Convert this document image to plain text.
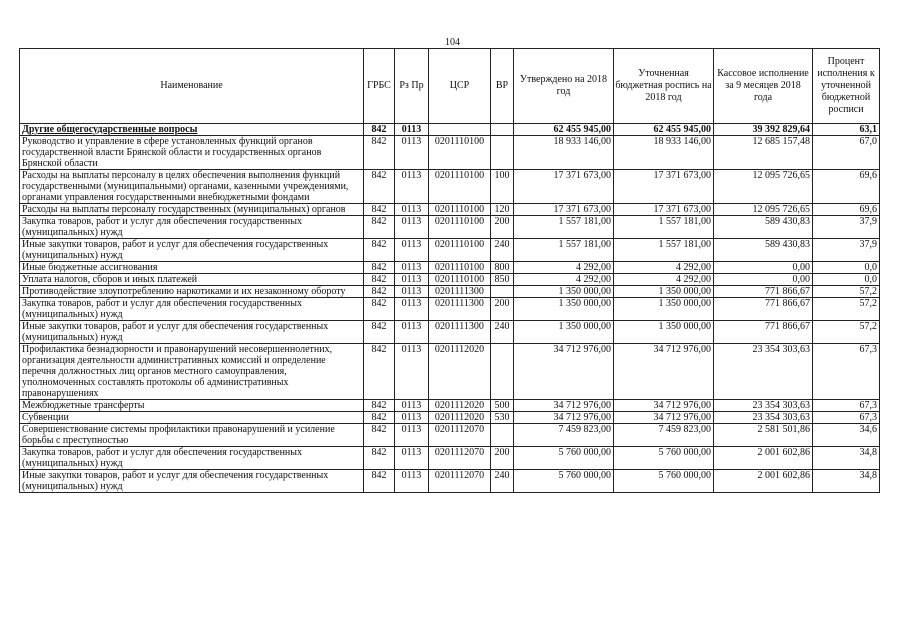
104
Наименование	ГРБС	Рз Пр	ЦСР	ВР	Утверждено на 2018 год	Уточненная бюджетная роспись на 2018 год	Кассовое исполнение за 9 месяцев 2018 года	Процент исполнения к уточненной бюджетной росписи
Другие общегосударственные вопросы	842	0113			62 455 945,00	62 455 945,00	39 392 829,64	63,1
Руководство и управление в сфере установленных функций органов государственной власти Брянской области и государственных органов Брянской области	842	0113	0201110100		18 933 146,00	18 933 146,00	12 685 157,48	67,0
Расходы на выплаты персоналу в целях обеспечения выполнения функций государственными (муниципальными) органами, казенными учреждениями, органами управления государственными внебюджетными фондами	842	0113	0201110100	100	17 371 673,00	17 371 673,00	12 095 726,65	69,6
Расходы на выплаты персоналу государственных (муниципальных) органов	842	0113	0201110100	120	17 371 673,00	17 371 673,00	12 095 726,65	69,6
Закупка товаров, работ и услуг для обеспечения государственных (муниципальных) нужд	842	0113	0201110100	200	1 557 181,00	1 557 181,00	589 430,83	37,9
Иные закупки товаров, работ и услуг для обеспечения государственных (муниципальных) нужд	842	0113	0201110100	240	1 557 181,00	1 557 181,00	589 430,83	37,9
Иные бюджетные ассигнования	842	0113	0201110100	800	4 292,00	4 292,00	0,00	0,0
Уплата налогов, сборов и иных платежей	842	0113	0201110100	850	4 292,00	4 292,00	0,00	0,0
Противодействие злоупотреблению наркотиками и их незаконному обороту	842	0113	0201111300		1 350 000,00	1 350 000,00	771 866,67	57,2
Закупка товаров, работ и услуг для обеспечения государственных (муниципальных) нужд	842	0113	0201111300	200	1 350 000,00	1 350 000,00	771 866,67	57,2
Иные закупки товаров, работ и услуг для обеспечения государственных (муниципальных) нужд	842	0113	0201111300	240	1 350 000,00	1 350 000,00	771 866,67	57,2
Профилактика безнадзорности и правонарушений несовершеннолетних, организация деятельности административных комиссий и определение перечня должностных лиц органов местного самоуправления, уполномоченных составлять протоколы об административных правонарушениях	842	0113	0201112020		34 712 976,00	34 712 976,00	23 354 303,63	67,3
Межбюджетные трансферты	842	0113	0201112020	500	34 712 976,00	34 712 976,00	23 354 303,63	67,3
Субвенции	842	0113	0201112020	530	34 712 976,00	34 712 976,00	23 354 303,63	67,3
Совершенствование системы профилактики правонарушений и усиление борьбы с преступностью	842	0113	0201112070		7 459 823,00	7 459 823,00	2 581 501,86	34,6
Закупка товаров, работ и услуг для обеспечения государственных (муниципальных) нужд	842	0113	0201112070	200	5 760 000,00	5 760 000,00	2 001 602,86	34,8
Иные закупки товаров, работ и услуг для обеспечения государственных (муниципальных) нужд	842	0113	0201112070	240	5 760 000,00	5 760 000,00	2 001 602,86	34,8
